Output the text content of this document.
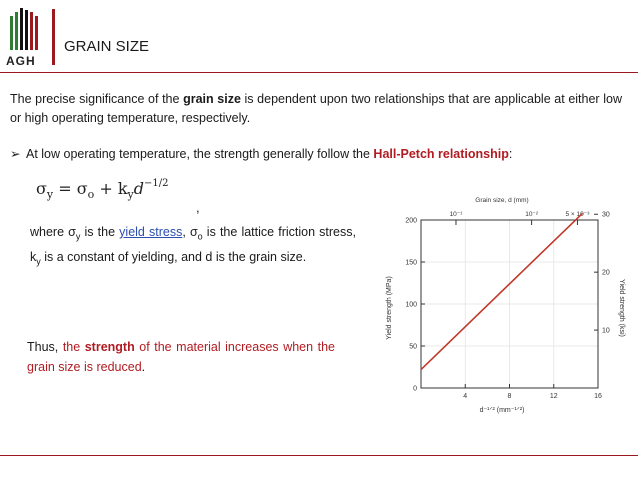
AGH
GRAIN SIZE
The precise significance of the grain size is dependent upon two relationships that are applicable at either low or high operating temperature, respectively.
➢ At low operating temperature, the strength generally follow the Hall-Petch relationship:
$\sigma_y = \sigma_o + k_yd^{-1/2}$
,
where $\sigma_y$ is the yield stress, $\sigma_o$ is the lattice friction stress, $k_y$ is a constant of yielding, and d is the grain size.
Thus, the strength of the material increases when the grain size is reduced.
Grain size, d (mm)
d⁻¹ᐟ² (mm⁻¹ᐟ²)
Yield strength (MPa)	Yield strength (ksi)
4	8	12	16
0
50
100
150
200
10
20
30
10⁻¹	10⁻²	5 × 10⁻³
